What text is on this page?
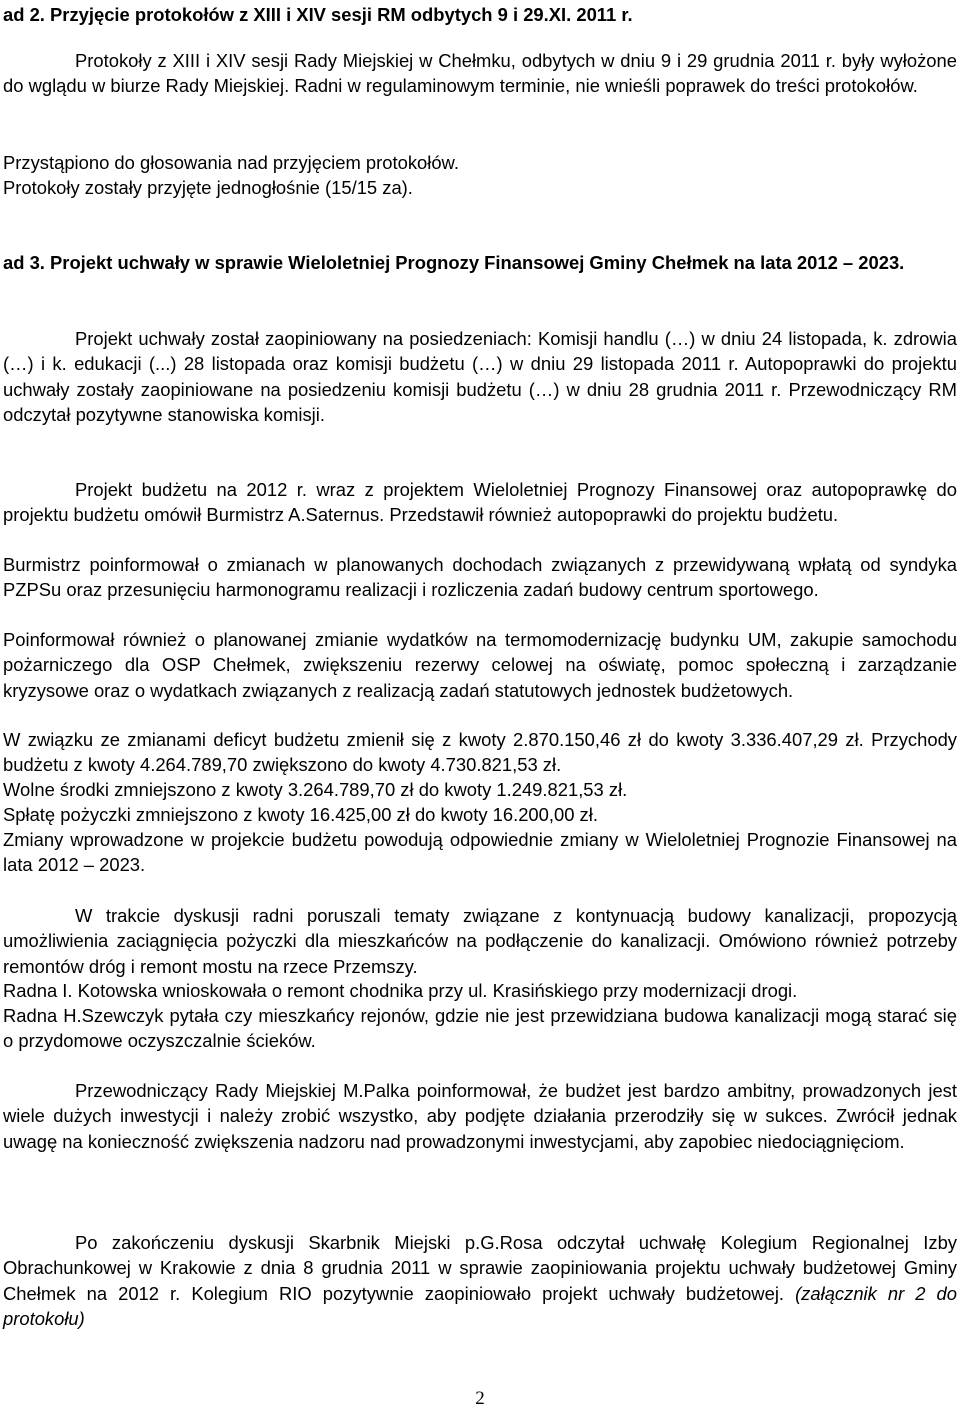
ad 2. Przyjęcie protokołów z XIII i XIV sesji RM odbytych 9 i 29.XI. 2011 r.

Protokoły z XIII i XIV sesji Rady Miejskiej w Chełmku, odbytych w dniu 9 i 29 grudnia 2011 r. były wyłożone do wglądu w biurze Rady Miejskiej. Radni w regulaminowym terminie, nie wnieśli poprawek do treści protokołów.

Przystąpiono do głosowania nad przyjęciem protokołów.

Protokoły zostały przyjęte jednogłośnie (15/15 za).

ad 3. Projekt uchwały w sprawie Wieloletniej Prognozy Finansowej Gminy Chełmek na lata 2012 – 2023.

Projekt uchwały został zaopiniowany na posiedzeniach: Komisji handlu (…) w dniu 24 listopada, k. zdrowia (…) i k. edukacji (...) 28 listopada oraz komisji budżetu (…) w dniu 29 listopada 2011 r. Autopoprawki do projektu uchwały zostały zaopiniowane na posiedzeniu komisji budżetu (…) w dniu 28 grudnia 2011 r. Przewodniczący RM odczytał pozytywne stanowiska komisji.

Projekt budżetu na 2012 r. wraz z projektem Wieloletniej Prognozy Finansowej oraz autopoprawkę do projektu budżetu omówił Burmistrz A.Saternus. Przedstawił również autopoprawki do projektu budżetu.

Burmistrz poinformował o zmianach w planowanych dochodach związanych z przewidywaną wpłatą od syndyka PZPSu oraz przesunięciu harmonogramu realizacji i rozliczenia zadań budowy centrum sportowego.

Poinformował również o planowanej zmianie wydatków na termomodernizację budynku UM, zakupie samochodu pożarniczego dla OSP Chełmek, zwiększeniu rezerwy celowej na oświatę, pomoc społeczną i zarządzanie kryzysowe oraz o wydatkach związanych z realizacją zadań statutowych jednostek budżetowych.

W związku ze zmianami deficyt budżetu zmienił się z kwoty 2.870.150,46 zł do kwoty 3.336.407,29 zł. Przychody budżetu z kwoty 4.264.789,70 zwiększono do kwoty 4.730.821,53 zł.

Wolne środki zmniejszono z kwoty 3.264.789,70 zł do kwoty 1.249.821,53 zł.

Spłatę pożyczki zmniejszono z kwoty 16.425,00 zł do kwoty 16.200,00 zł.

Zmiany wprowadzone w projekcie budżetu powodują odpowiednie zmiany w Wieloletniej Prognozie Finansowej na lata 2012 – 2023.

W trakcie dyskusji radni poruszali tematy związane z kontynuacją budowy kanalizacji, propozycją umożliwienia zaciągnięcia pożyczki dla mieszkańców na podłączenie do kanalizacji. Omówiono również potrzeby remontów dróg i remont mostu na rzece Przemszy.

Radna I. Kotowska wnioskowała o remont chodnika przy ul. Krasińskiego przy modernizacji drogi.

Radna H.Szewczyk pytała czy mieszkańcy rejonów, gdzie nie jest przewidziana budowa kanalizacji mogą starać się o przydomowe oczyszczalnie ścieków.

Przewodniczący Rady Miejskiej M.Palka poinformował, że budżet jest bardzo ambitny, prowadzonych jest wiele dużych inwestycji i należy zrobić wszystko, aby podjęte działania przerodziły się w sukces. Zwrócił jednak uwagę na konieczność zwiększenia nadzoru nad prowadzonymi inwestycjami, aby zapobiec niedociągnięciom.

Po zakończeniu dyskusji Skarbnik Miejski p.G.Rosa odczytał uchwałę Kolegium Regionalnej Izby Obrachunkowej w Krakowie z dnia 8 grudnia 2011 w sprawie zaopiniowania projektu uchwały budżetowej Gminy Chełmek na 2012 r. Kolegium RIO pozytywnie zaopiniowało projekt uchwały budżetowej. (załącznik nr 2 do protokołu)

2
